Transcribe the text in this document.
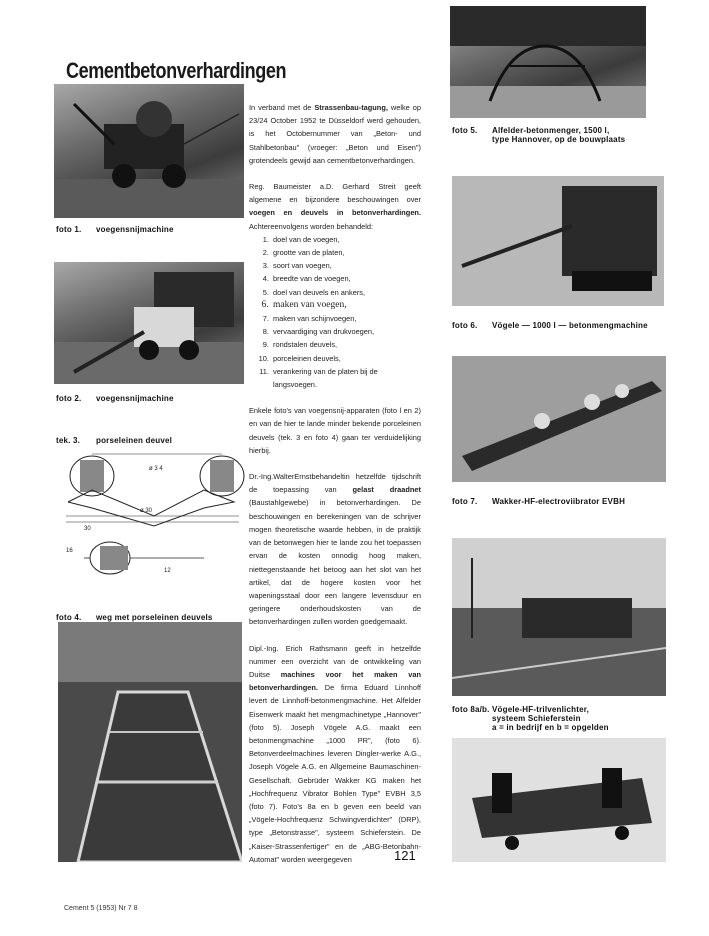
Cementbetonverhardingen
foto 1. voegensnijmachine
foto 2. voegensnijmachine
tek. 3. porseleinen deuvel
ø 3 4
ø 30
30
16
12
foto 4. weg met porseleinen deuvels

In verband met de Strassenbau-tagung, welke op 23/24 October 1952 te Düsseldorf werd gehouden, is het Octobernummer van „Beton- und Stahlbetonbau" (vroeger: „Beton und Eisen") grotendeels gewijd aan cementbetonverhardingen.

Reg. Baumeister a.D. Gerhard Streit geeft algemene en bijzondere beschouwingen over voegen en deuvels in betonverhardingen. Achtereenvolgens worden behandeld:

1. doel van de voegen,
2. grootte van de platen,
3. soort van voegen,
4. breedte van de voegen,
5. doel van deuvels en ankers,
6. maken van voegen,
7. maken van schijnvoegen,
8. vervaardiging van drukvoegen,
9. rondstalen deuvels,
10. porceleinen deuvels,
11. verankering van de platen bij de langsvoegen.

Enkele foto's van voegensnij-apparaten (foto l en 2) en van de hier te lande minder bekende porceleinen deuvels (tek. 3 en foto 4) gaan ter verduidelijking hierbij.

Dr.-Ing.WalterErnstbehandeltin hetzelfde tijdschrift de toepassing van gelast draadnet (Baustahlgewebe) in betonverhardingen. De beschouwingen en berekeningen van de schrijver mogen theoretische waarde hebben, in de praktijk van de betonwegen hier te lande zou het toepassen ervan de kosten onnodig hoog maken, niettegenstaande het betoog aan het slot van het artikel, dat de hogere kosten voor het wapeningsstaal door een langere levensduur en geringere onderhoudskosten van de betonverhardingen zullen worden goedgemaakt.

Dipl.-Ing. Erich Rathsmann geeft in hetzelfde nummer een overzicht van de ontwikkeling van Duitse machines voor het maken van betonverhardingen. De firma Eduard Linnhoff levert de Linnhoff-betonmengmachine. Het Alfelder Eisenwerk maakt het mengmachinetype „Hannover" (foto 5). Joseph Vögele A.G. maakt een betonmengmachine „1000 PR", (foto 6). Betonverdeelmachines leveren Dingler-werke A.G., Joseph Vögele A.G. en Allgemeine Baumaschinen-Gesellschaft. Gebrüder Wakker KG maken het „Hochfrequenz Vibrator Bohlen Type" EVBH 3,5 (foto 7). Foto's 8a en b geven een beeld van „Vögele-Hochfrequenz Schwingverdichter" (DRP), type „Betonstrasse", systeem Schieferstein. De „Kaiser-Strassenfertiger" en de „ABG-Betonbahn-Automat" worden weergegeven	121
foto 5. Alfelder-betonmenger, 1500 l,
type Hannover, op de bouwplaats
foto 6. Vögele — 1000 l — betonmengmachine
foto 7. Wakker-HF-electroviibrator EVBH
foto 8a/b. Vögele-HF-trilvenlichter,
systeem Schieferstein
a = in bedrijf en b = opgelden
Cement 5 (1953) Nr 7 8
